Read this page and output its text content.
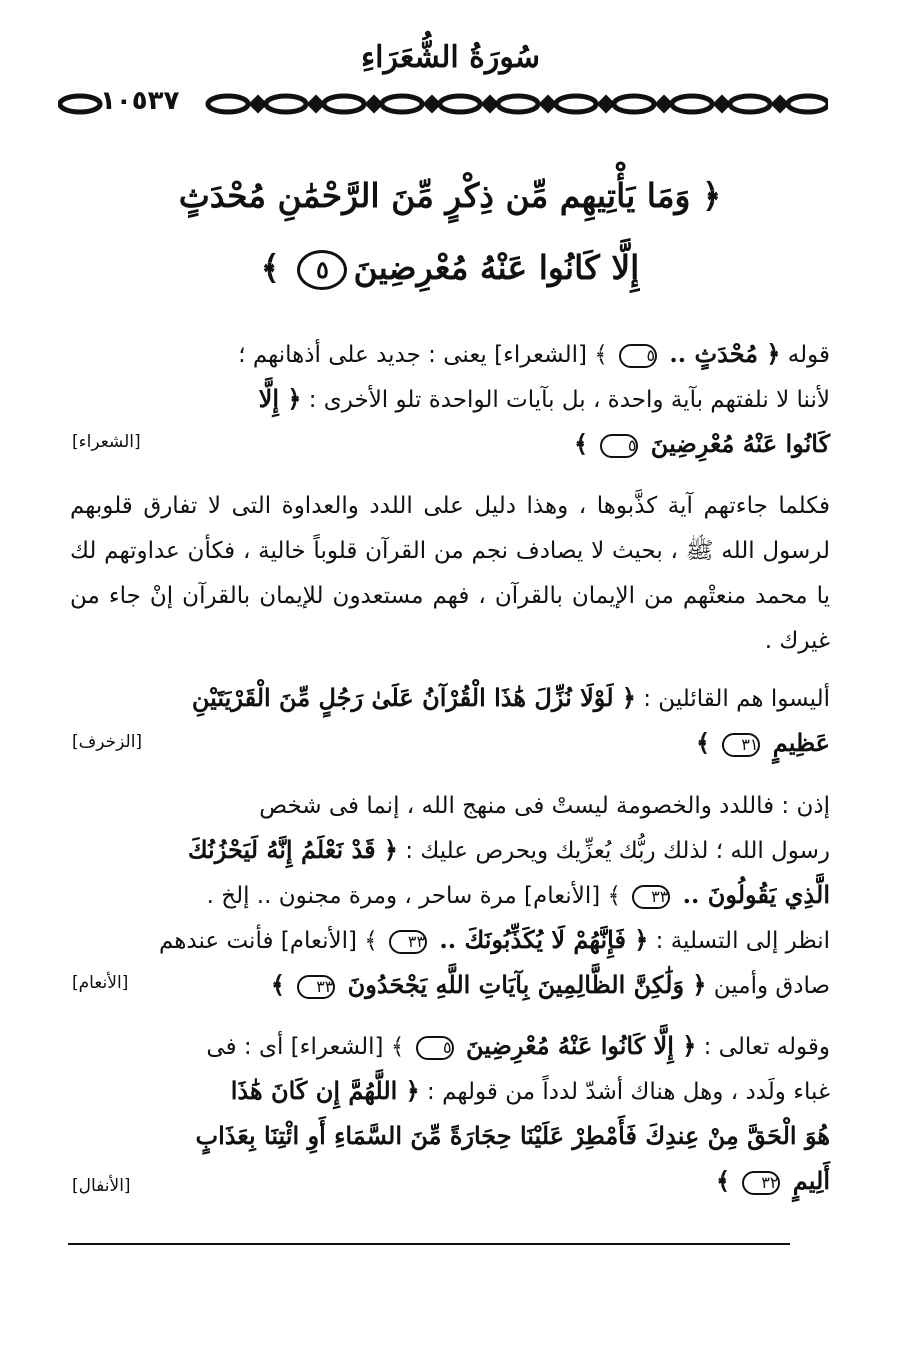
سُورَةُ الشُّعَرَاءِ
١٠٥٣٧
﴿ وَمَا يَأْتِيهِم مِّن ذِكْرٍ مِّنَ الرَّحْمَٰنِ مُحْدَثٍ
إِلَّا كَانُوا عَنْهُ مُعْرِضِينَ٥ ﴾
قوله ﴿ مُحْدَثٍ .. ٥ ﴾ [الشعراء] يعنى : جديد على أذهانهم ؛
لأننا لا نلفتهم بآية واحدة ، بل بآيات الواحدة تلو الأخرى : ﴿ إِلَّا
كَانُوا عَنْهُ مُعْرِضِينَ ٥ ﴾
[الشعراء]
فكلما جاءتهم آية كذَّبوها ، وهذا دليل على اللدد والعداوة التى لا تفارق قلوبهم لرسول الله ﷺ ، بحيث لا يصادف نجم من القرآن قلوباً خالية ، فكأن عداوتهم لك يا محمد منعتْهم من الإيمان بالقرآن ، فهم مستعدون للإيمان بالقرآن إنْ جاء من غيرك .
أليسوا هم القائلين : ﴿ لَوْلَا نُزِّلَ هَٰذَا الْقُرْآنُ عَلَىٰ رَجُلٍ مِّنَ الْقَرْيَتَيْنِ
عَظِيمٍ ٣١ ﴾
[الزخرف]
إذن : فاللدد والخصومة ليستْ فى منهج الله ، إنما فى شخص
رسول الله ؛ لذلك ربُّك يُعزِّيك ويحرص عليك : ﴿ قَدْ نَعْلَمُ إِنَّهُ لَيَحْزُنُكَ
الَّذِي يَقُولُونَ .. ٣٣ ﴾ [الأنعام] مرة ساحر ، ومرة مجنون .. إلخ .
انظر إلى التسلية : ﴿ فَإِنَّهُمْ لَا يُكَذِّبُونَكَ .. ٣٣ ﴾ [الأنعام] فأنت عندهم
صادق وأمين ﴿ وَلَٰكِنَّ الظَّالِمِينَ بِآيَاتِ اللَّهِ يَجْحَدُونَ ٣٣ ﴾
[الأنعام]
وقوله تعالى : ﴿ إِلَّا كَانُوا عَنْهُ مُعْرِضِينَ ٥ ﴾ [الشعراء] أى : فى
غباء ولَدد ، وهل هناك أشدّ لدداً من قولهم : ﴿ اللَّهُمَّ إِن كَانَ هَٰذَا
هُوَ الْحَقَّ مِنْ عِندِكَ فَأَمْطِرْ عَلَيْنَا حِجَارَةً مِّنَ السَّمَاءِ أَوِ ائْتِنَا بِعَذَابٍ
أَلِيمٍ ٣٢ ﴾
[الأنفال]
